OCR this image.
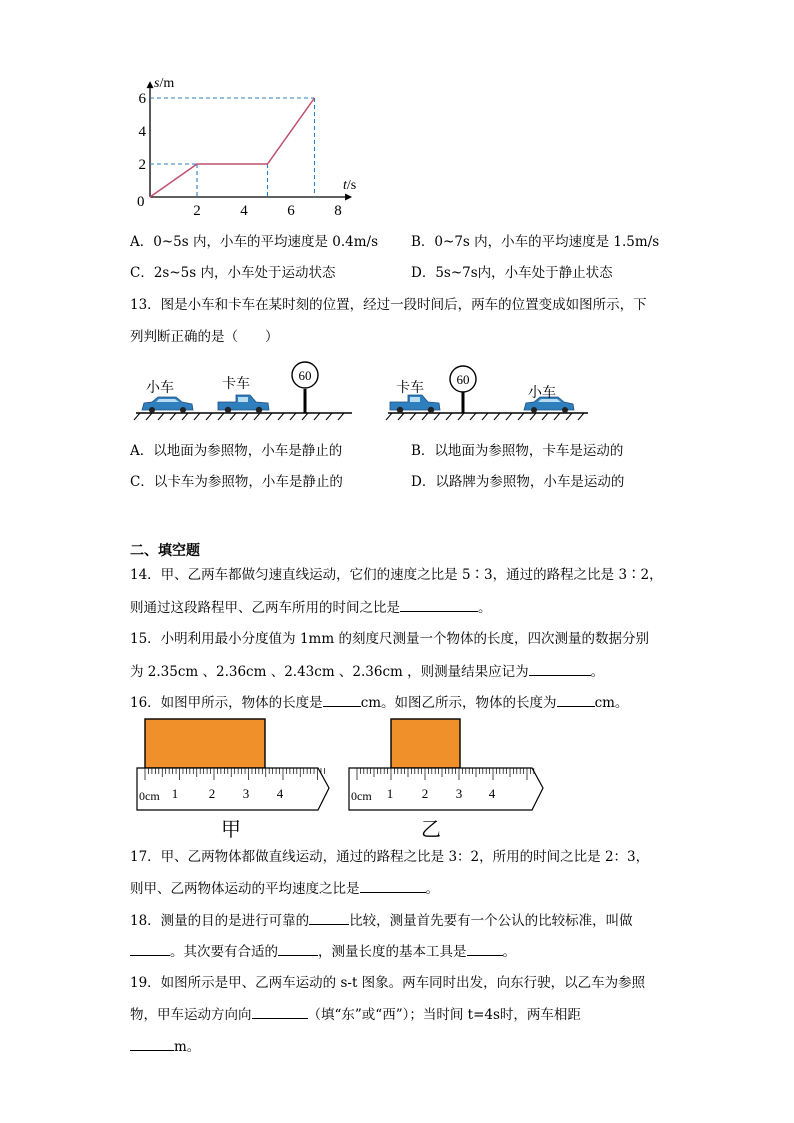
2
4
6
2	4	6	8
s/m
t/s
0
A．0~5s 内，小车的平均速度是 0.4m/s B．0~7s 内，小车的平均速度是 1.5m/s
C．2s~5s 内，小车处于运动状态	D．5s~7s内，小车处于静止状态
13．图是小车和卡车在某时刻的位置，经过一段时间后，两车的位置变成如图所示，下
列判断正确的是（　　）
小车	卡车
60
卡车
60
小车
A．以地面为参照物，小车是静止的	B．以地面为参照物，卡车是运动的
C．以卡车为参照物，小车是静止的	D．以路牌为参照物，小车是运动的
二、填空题
14．甲、乙两车都做匀速直线运动，它们的速度之比是 5∶3，通过的路程之比是 3∶2，
则通过这段路程甲、乙两车所用的时间之比是	。
15．小明利用最小分度值为 1mm 的刻度尺测量一个物体的长度，四次测量的数据分别
为 2.35cm 、2.36cm 、2.43cm 、2.36cm ，则测量结果应记为	。
16．如图甲所示，物体的长度是	cm。如图乙所示，物体的长度为	cm。
0cm 1 2 3 4
甲
0cm 1 2 3 4
乙
17．甲、乙两物体都做直线运动，通过的路程之比是 3：2，所用的时间之比是 2：3，
则甲、乙两物体运动的平均速度之比是	。
18．测量的目的是进行可靠的	比较，测量首先要有一个公认的比较标准，叫做
。其次要有合适的	，测量长度的基本工具是	。
19．如图所示是甲、乙两车运动的 s-t 图象。两车同时出发，向东行驶，以乙车为参照
物，甲车运动方向向	（填“东”或“西”）；当时间 t=4s时，两车相距
m。
